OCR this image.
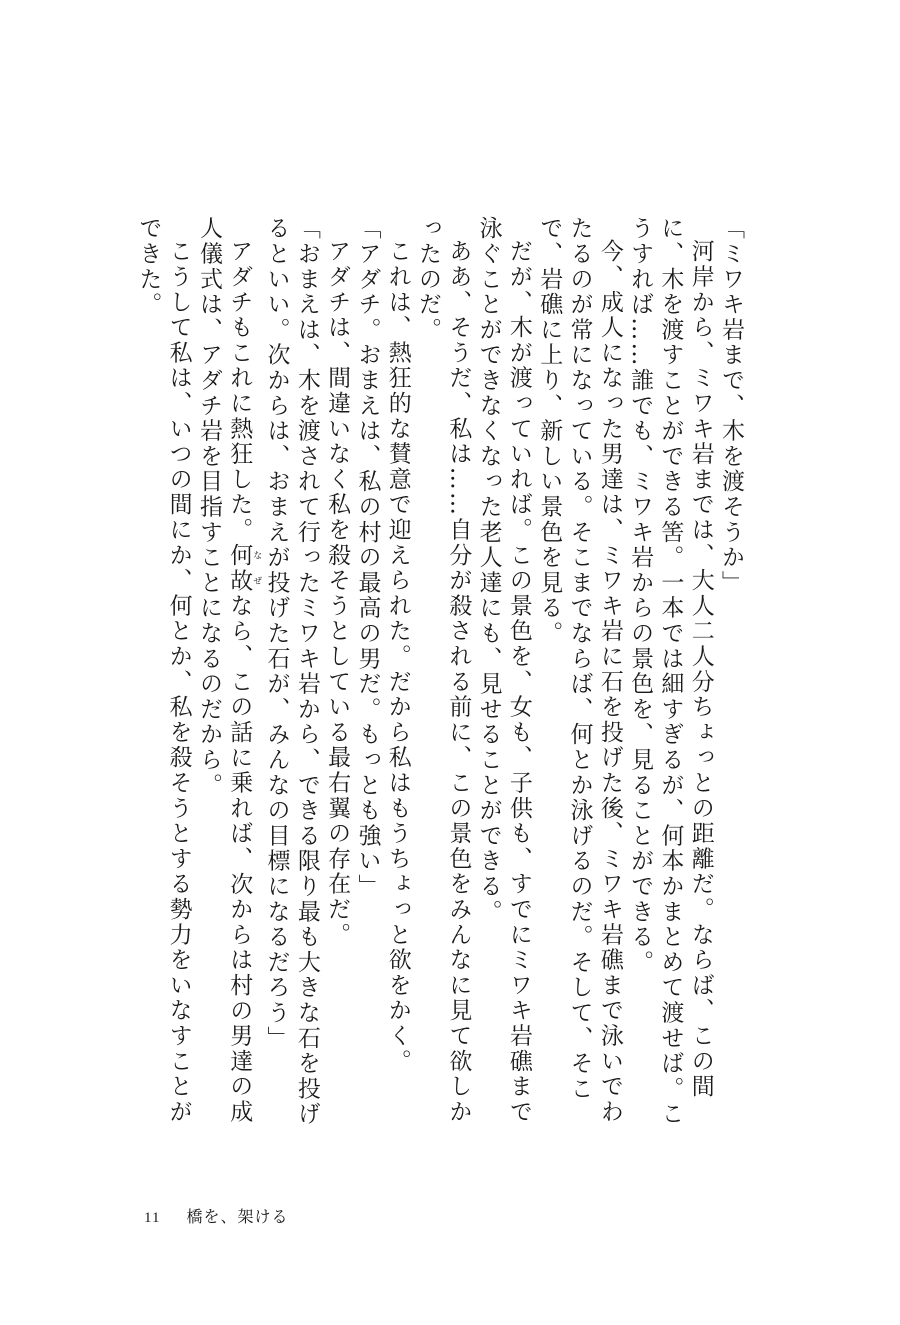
「ミワキ岩まで、木を渡そうか」

河岸から、ミワキ岩までは、大人二人分ちょっとの距離だ。ならば、この間に、木を渡すことができる筈。一本では細すぎるが、何本かまとめて渡せば。こうすれば……誰でも、ミワキ岩からの景色を、見ることができる。

今、成人になった男達は、ミワキ岩に石を投げた後、ミワキ岩礁まで泳いでわたるのが常になっている。そこまでならば、何とか泳げるのだ。そして、そこで、岩礁に上り、新しい景色を見る。

だが、木が渡っていれば。この景色を、女も、子供も、すでにミワキ岩礁まで泳ぐことができなくなった老人達にも、見せることができる。

ああ、そうだ、私は……自分が殺される前に、この景色をみんなに見て欲しかったのだ。

これは、熱狂的な賛意で迎えられた。だから私はもうちょっと欲をかく。

「アダチ。おまえは、私の村の最高の男だ。もっとも強い」

アダチは、間違いなく私を殺そうとしている最右翼の存在だ。

「おまえは、木を渡されて行ったミワキ岩から、できる限り最も大きな石を投げるといい。次からは、おまえが投げた石が、みんなの目標になるだろう」

アダチもこれに熱狂した。何故 なぜなら、この話に乗れば、次からは村の男達の成人儀式は、アダチ岩を目指すことになるのだから。

こうして私は、いつの間にか、何とか、私を殺そうとする勢力をいなすことができた。

11 橋を、架ける
